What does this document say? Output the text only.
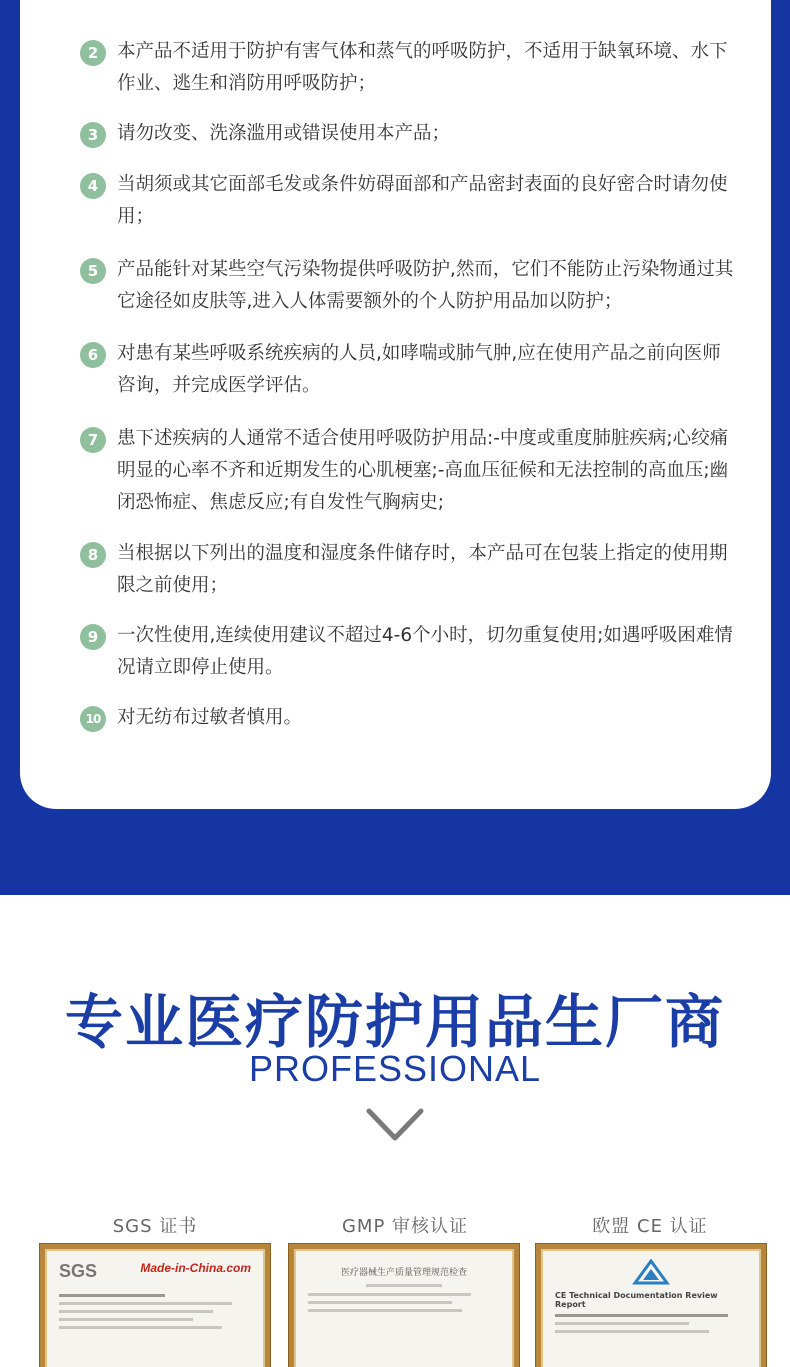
2	本产品不适用于防护有害气体和蒸气的呼吸防护，不适用于缺氧环境、水下作业、逃生和消防用呼吸防护；
3	请勿改变、洗涤滥用或错误使用本产品；
4	当胡须或其它面部毛发或条件妨碍面部和产品密封表面的良好密合时请勿使用；
5	产品能针对某些空气污染物提供呼吸防护,然而，它们不能防止污染物通过其它途径如皮肤等,进入人体需要额外的个人防护用品加以防护；
6	对患有某些呼吸系统疾病的人员,如哮喘或肺气肿,应在使用产品之前向医师咨询，并完成医学评估。
7	患下述疾病的人通常不适合使用呼吸防护用品:-中度或重度肺脏疾病;心绞痛明显的心率不齐和近期发生的心肌梗塞;-高血压征候和无法控制的高血压;幽闭恐怖症、焦虑反应;有自发性气胸病史;
8	当根据以下列出的温度和湿度条件储存时，本产品可在包装上指定的使用期限之前使用；
9	一次性使用,连续使用建议不超过4-6个小时，切勿重复使用;如遇呼吸困难情况请立即停止使用。
10 对无纺布过敏者慎用。
专业医疗防护用品生厂商
PROFESSIONAL
SGS 证书	GMP 审核认证	欧盟 CE 认证
SGS	Made-in-China.com	医疗器械生产质量管理规范检查
CE Technical Documentation Review Report
